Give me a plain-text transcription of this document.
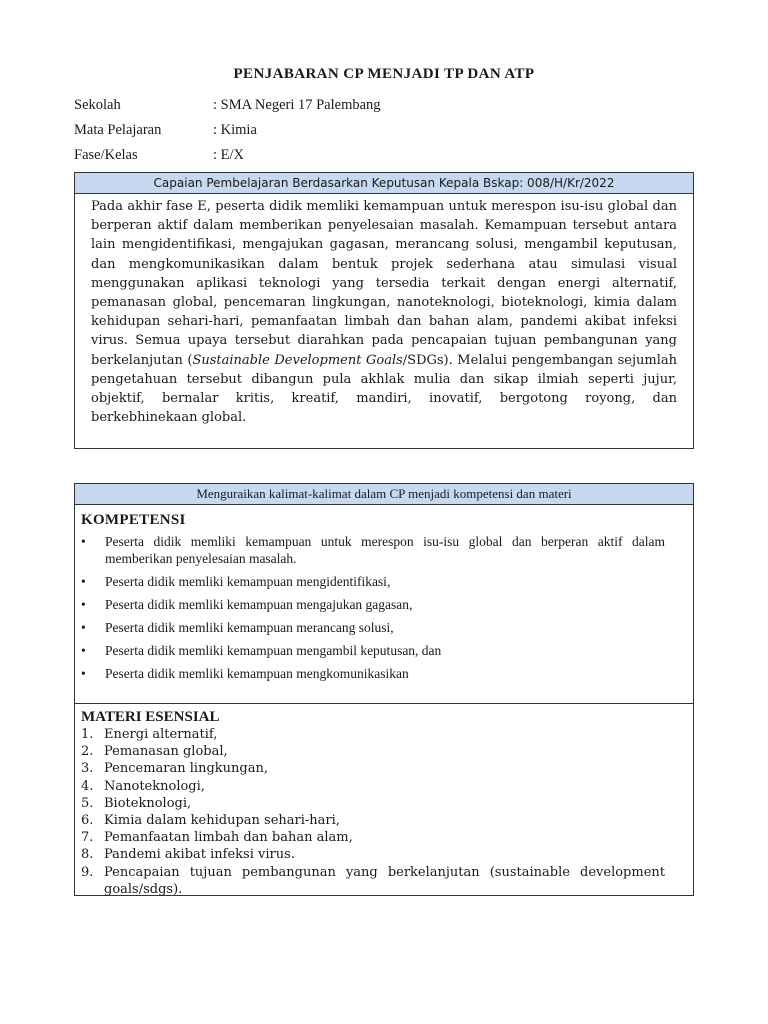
PENJABARAN CP MENJADI TP DAN ATP
Sekolah	: SMA Negeri 17 Palembang
Mata Pelajaran	: Kimia
Fase/Kelas	: E/X
Capaian Pembelajaran Berdasarkan Keputusan Kepala Bskap: 008/H/Kr/2022
Pada akhir fase E, peserta didik memliki kemampuan untuk merespon isu-isu global dan berperan aktif dalam memberikan penyelesaian masalah. Kemampuan tersebut antara lain mengidentifikasi, mengajukan gagasan, merancang solusi, mengambil keputusan, dan mengkomunikasikan dalam bentuk projek sederhana atau simulasi visual menggunakan aplikasi teknologi yang tersedia terkait dengan energi alternatif, pemanasan global, pencemaran lingkungan, nanoteknologi, bioteknologi, kimia dalam kehidupan sehari-hari, pemanfaatan limbah dan bahan alam, pandemi akibat infeksi virus. Semua upaya tersebut diarahkan pada pencapaian tujuan pembangunan yang berkelanjutan (Sustainable Development Goals/SDGs). Melalui pengembangan sejumlah pengetahuan tersebut dibangun pula akhlak mulia dan sikap ilmiah seperti jujur, objektif, bernalar kritis, kreatif, mandiri, inovatif, bergotong royong, dan berkebhinekaan global.
Menguraikan kalimat-kalimat dalam CP menjadi kompetensi dan materi
KOMPETENSI
• Peserta didik memliki kemampuan untuk merespon isu-isu global dan berperan aktif dalam memberikan penyelesaian masalah.
• Peserta didik memliki kemampuan mengidentifikasi,
• Peserta didik memliki kemampuan mengajukan gagasan,
• Peserta didik memliki kemampuan merancang solusi,
• Peserta didik memliki kemampuan mengambil keputusan, dan
• Peserta didik memliki kemampuan mengkomunikasikan
MATERI ESENSIAL
1. Energi alternatif,
2. Pemanasan global,
3. Pencemaran lingkungan,
4. Nanoteknologi,
5. Bioteknologi,
6. Kimia dalam kehidupan sehari-hari,
7. Pemanfaatan limbah dan bahan alam,
8. Pandemi akibat infeksi virus.
9. Pencapaian tujuan pembangunan yang berkelanjutan (sustainable development goals/sdgs).
